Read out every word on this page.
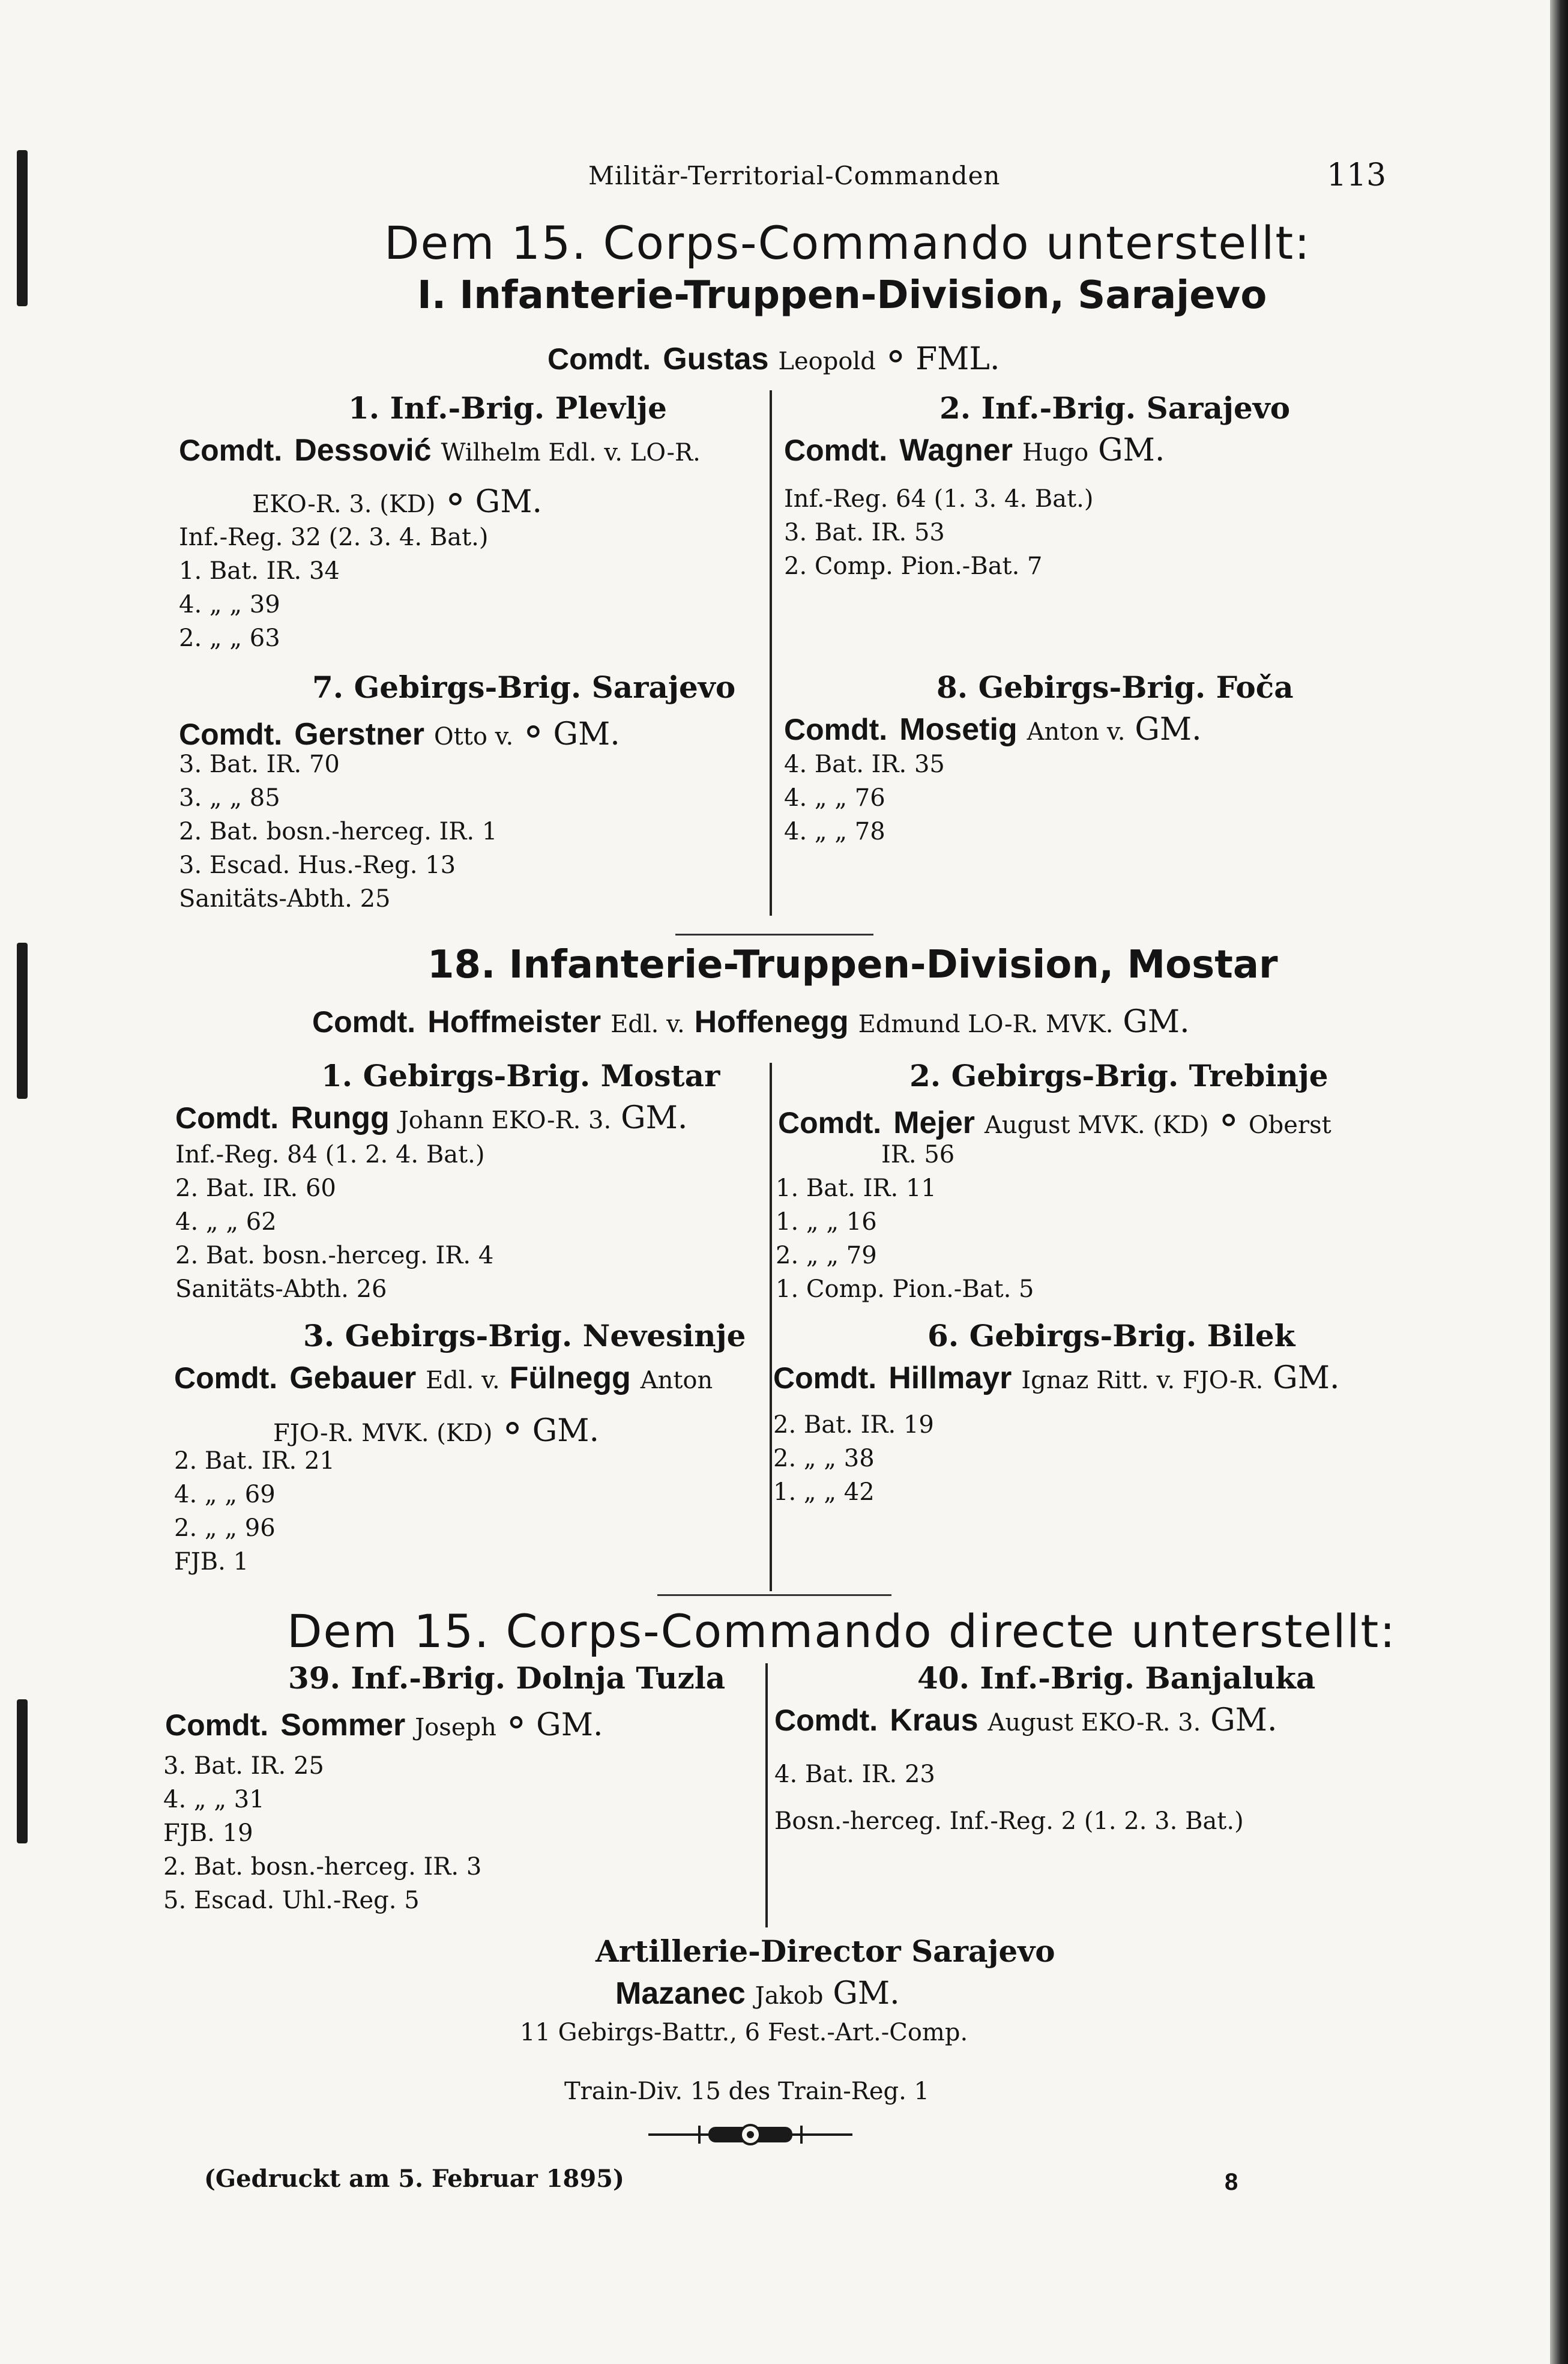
Militär-Territorial-Commanden	113
Dem 15. Corps-Commando unterstellt:
I. Infanterie-Truppen-Division, Sarajevo
Comdt. Gustas Leopold ⚬ FML.
1. Inf.-Brig. Plevlje
Comdt. Dessović Wilhelm Edl. v. LO-R.
EKO-R. 3. (KD) ⚬ GM.
Inf.-Reg. 32 (2. 3. 4. Bat.)
1. Bat. IR. 34
4. „ „ 39
2. „ „ 63
2. Inf.-Brig. Sarajevo
Comdt. Wagner Hugo GM.
Inf.-Reg. 64 (1. 3. 4. Bat.)
3. Bat. IR. 53
2. Comp. Pion.-Bat. 7
7. Gebirgs-Brig. Sarajevo
Comdt. Gerstner Otto v. ⚬ GM.
3. Bat. IR. 70
3. „ „ 85
2. Bat. bosn.-herceg. IR. 1
3. Escad. Hus.-Reg. 13
Sanitäts-Abth. 25
8. Gebirgs-Brig. Foča
Comdt. Mosetig Anton v. GM.
4. Bat. IR. 35
4. „ „ 76
4. „ „ 78
18. Infanterie-Truppen-Division, Mostar
Comdt. Hoffmeister Edl. v. Hoffenegg Edmund LO-R. MVK. GM.
1. Gebirgs-Brig. Mostar
Comdt. Rungg Johann EKO-R. 3. GM.
Inf.-Reg. 84 (1. 2. 4. Bat.)
2. Bat. IR. 60
4. „ „ 62
2. Bat. bosn.-herceg. IR. 4
Sanitäts-Abth. 26
2. Gebirgs-Brig. Trebinje
Comdt. Mejer August MVK. (KD) ⚬ Oberst
IR. 56
1. Bat. IR. 11
1. „ „ 16
2. „ „ 79
1. Comp. Pion.-Bat. 5
3. Gebirgs-Brig. Nevesinje
Comdt. Gebauer Edl. v. Fülnegg Anton
FJO-R. MVK. (KD) ⚬ GM.
2. Bat. IR. 21
4. „ „ 69
2. „ „ 96
FJB. 1
6. Gebirgs-Brig. Bilek
Comdt. Hillmayr Ignaz Ritt. v. FJO-R. GM.
2. Bat. IR. 19
2. „ „ 38
1. „ „ 42
Dem 15. Corps-Commando directe unterstellt:
39. Inf.-Brig. Dolnja Tuzla
Comdt. Sommer Joseph ⚬ GM.
3. Bat. IR. 25
4. „ „ 31
FJB. 19
2. Bat. bosn.-herceg. IR. 3
5. Escad. Uhl.-Reg. 5
40. Inf.-Brig. Banjaluka
Comdt. Kraus August EKO-R. 3. GM.
4. Bat. IR. 23
Bosn.-herceg. Inf.-Reg. 2 (1. 2. 3. Bat.)
Artillerie-Director Sarajevo
Mazanec Jakob GM.
11 Gebirgs-Battr., 6 Fest.-Art.-Comp.
Train-Div. 15 des Train-Reg. 1
(Gedruckt am 5. Februar 1895)	8
